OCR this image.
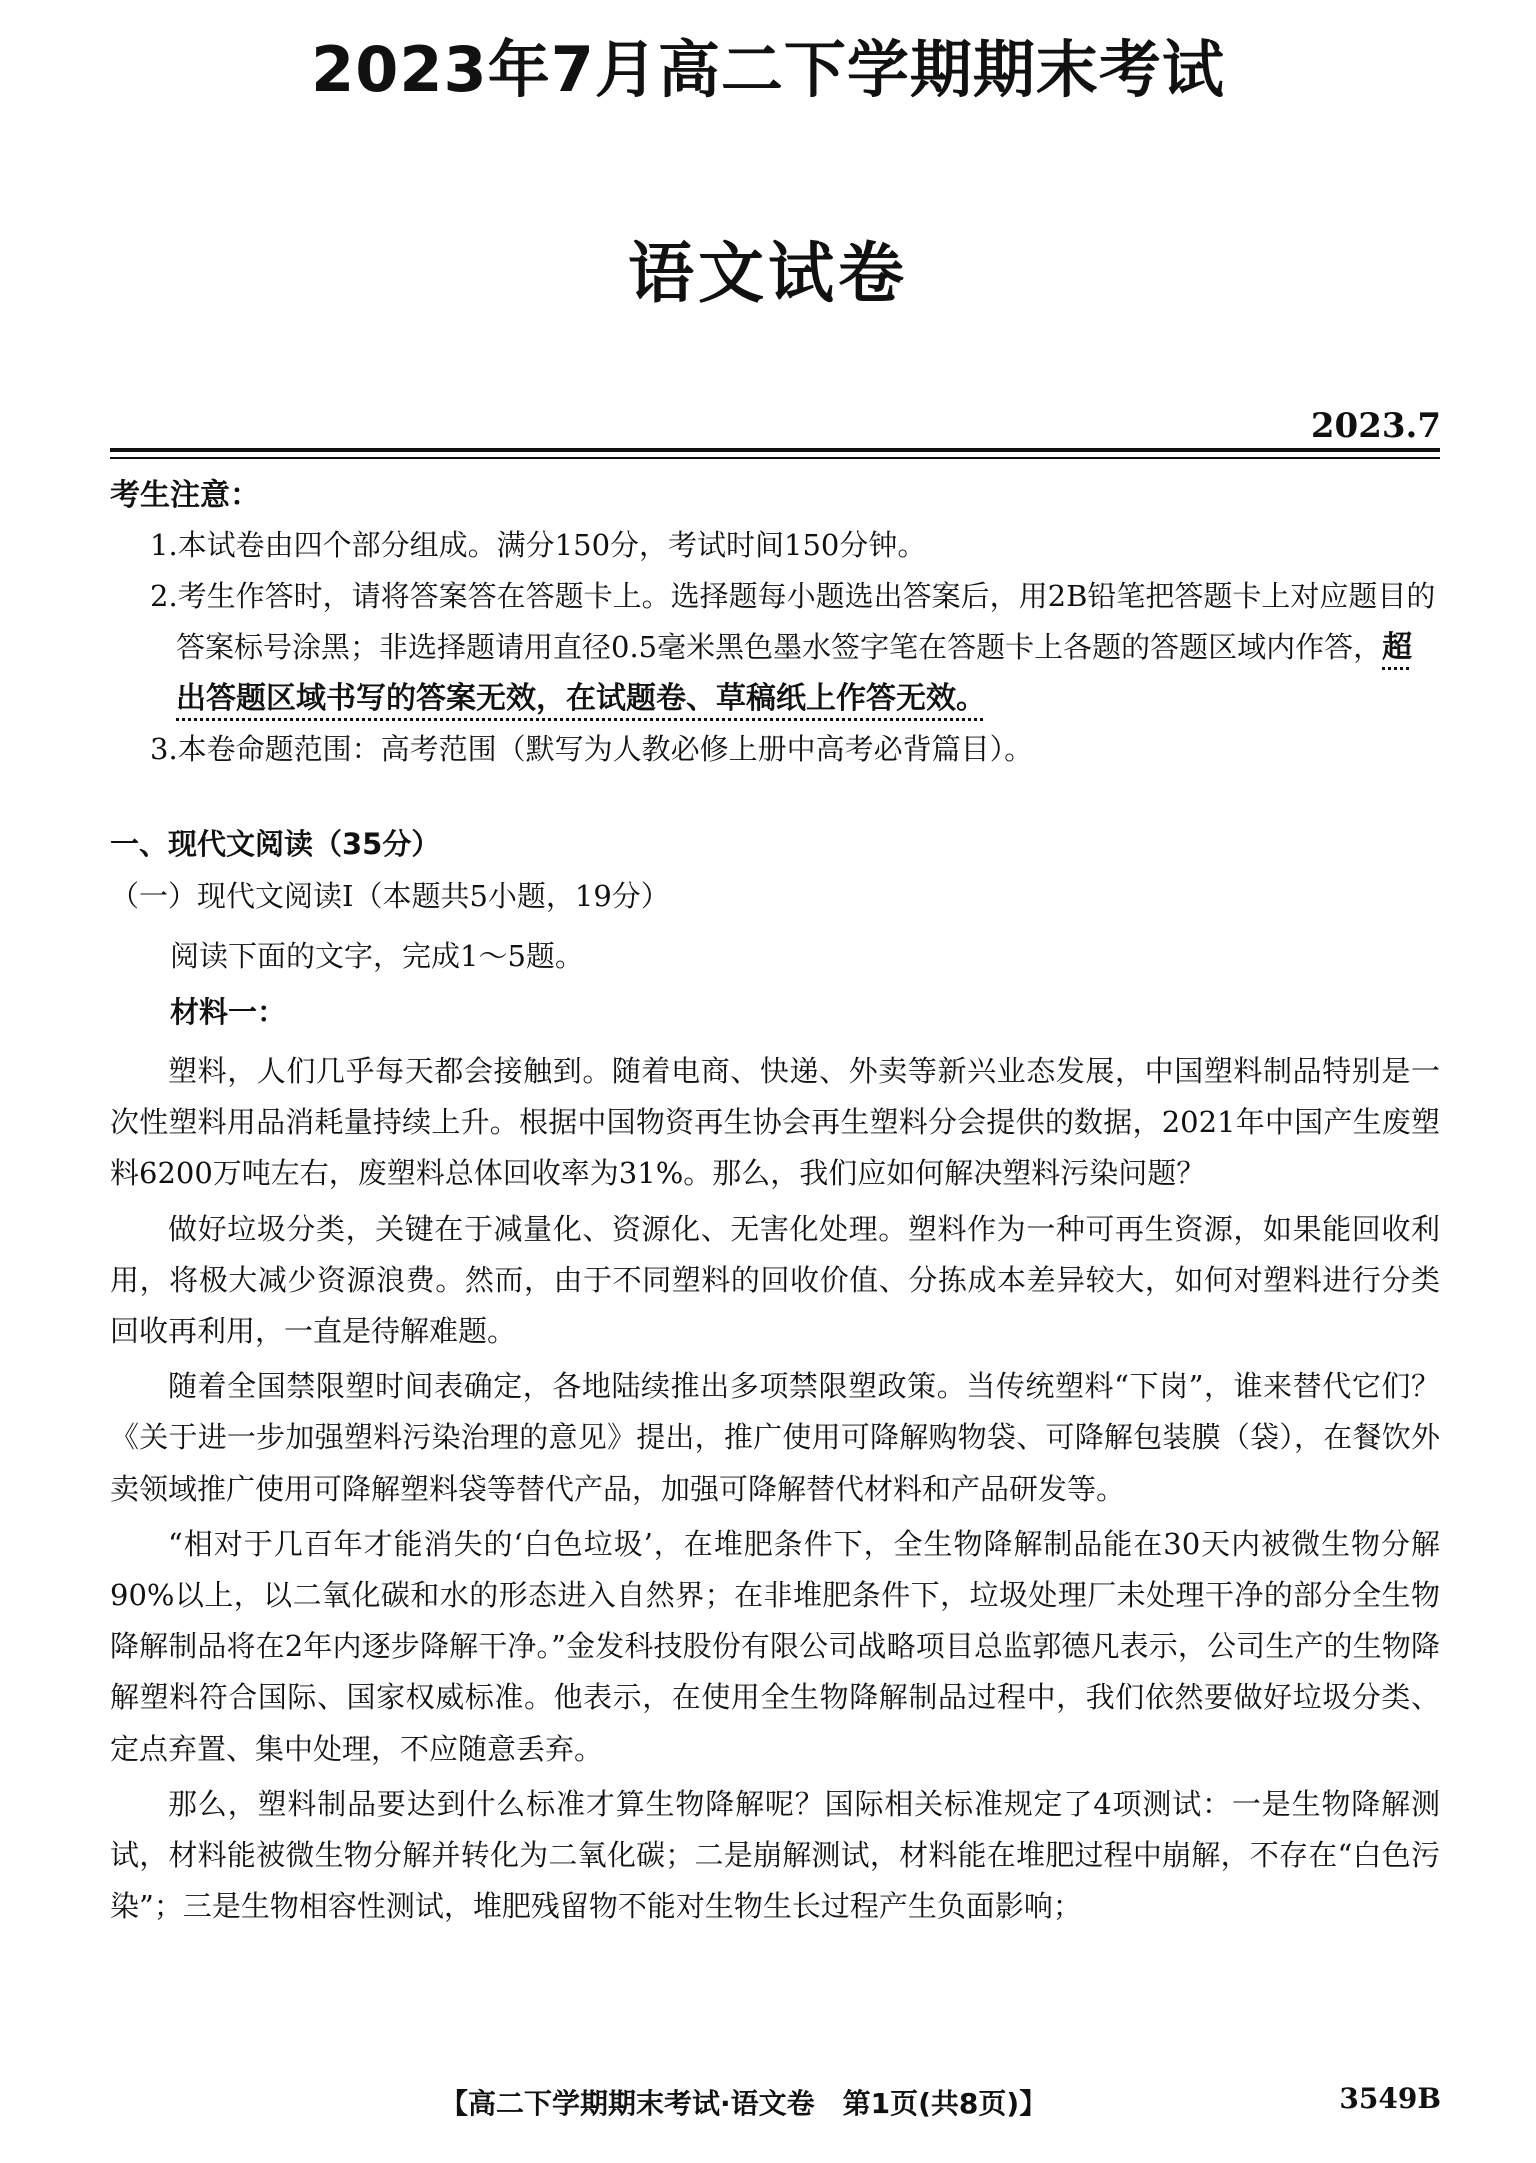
2023年7月高二下学期期末考试
语文试卷
2023.7
考生注意：
1.本试卷由四个部分组成。满分150分，考试时间150分钟。
2.考生作答时，请将答案答在答题卡上。选择题每小题选出答案后，用2B铅笔把答题卡上对应题目的答案标号涂黑；非选择题请用直径0.5毫米黑色墨水签字笔在答题卡上各题的答题区域内作答，超出答题区域书写的答案无效，在试题卷、草稿纸上作答无效。
3.本卷命题范围：高考范围（默写为人教必修上册中高考必背篇目）。
一、现代文阅读（35分）
（一）现代文阅读Ⅰ（本题共5小题，19分）
阅读下面的文字，完成1～5题。
材料一：

塑料，人们几乎每天都会接触到。随着电商、快递、外卖等新兴业态发展，中国塑料制品特别是一次性塑料用品消耗量持续上升。根据中国物资再生协会再生塑料分会提供的数据，2021年中国产生废塑料6200万吨左右，废塑料总体回收率为31%。那么，我们应如何解决塑料污染问题？

做好垃圾分类，关键在于减量化、资源化、无害化处理。塑料作为一种可再生资源，如果能回收利用，将极大减少资源浪费。然而，由于不同塑料的回收价值、分拣成本差异较大，如何对塑料进行分类回收再利用，一直是待解难题。

随着全国禁限塑时间表确定，各地陆续推出多项禁限塑政策。当传统塑料“下岗”，谁来替代它们？《关于进一步加强塑料污染治理的意见》提出，推广使用可降解购物袋、可降解包装膜（袋），在餐饮外卖领域推广使用可降解塑料袋等替代产品，加强可降解替代材料和产品研发等。

“相对于几百年才能消失的‘白色垃圾’，在堆肥条件下，全生物降解制品能在30天内被微生物分解90%以上，以二氧化碳和水的形态进入自然界；在非堆肥条件下，垃圾处理厂未处理干净的部分全生物降解制品将在2年内逐步降解干净。”金发科技股份有限公司战略项目总监郭德凡表示，公司生产的生物降解塑料符合国际、国家权威标准。他表示，在使用全生物降解制品过程中，我们依然要做好垃圾分类、定点弃置、集中处理，不应随意丢弃。

那么，塑料制品要达到什么标准才算生物降解呢？国际相关标准规定了4项测试：一是生物降解测试，材料能被微生物分解并转化为二氧化碳；二是崩解测试，材料能在堆肥过程中崩解，不存在“白色污染”；三是生物相容性测试，堆肥残留物不能对生物生长过程产生负面影响；

【高二下学期期末考试·语文卷　第1页(共8页)】	3549B
